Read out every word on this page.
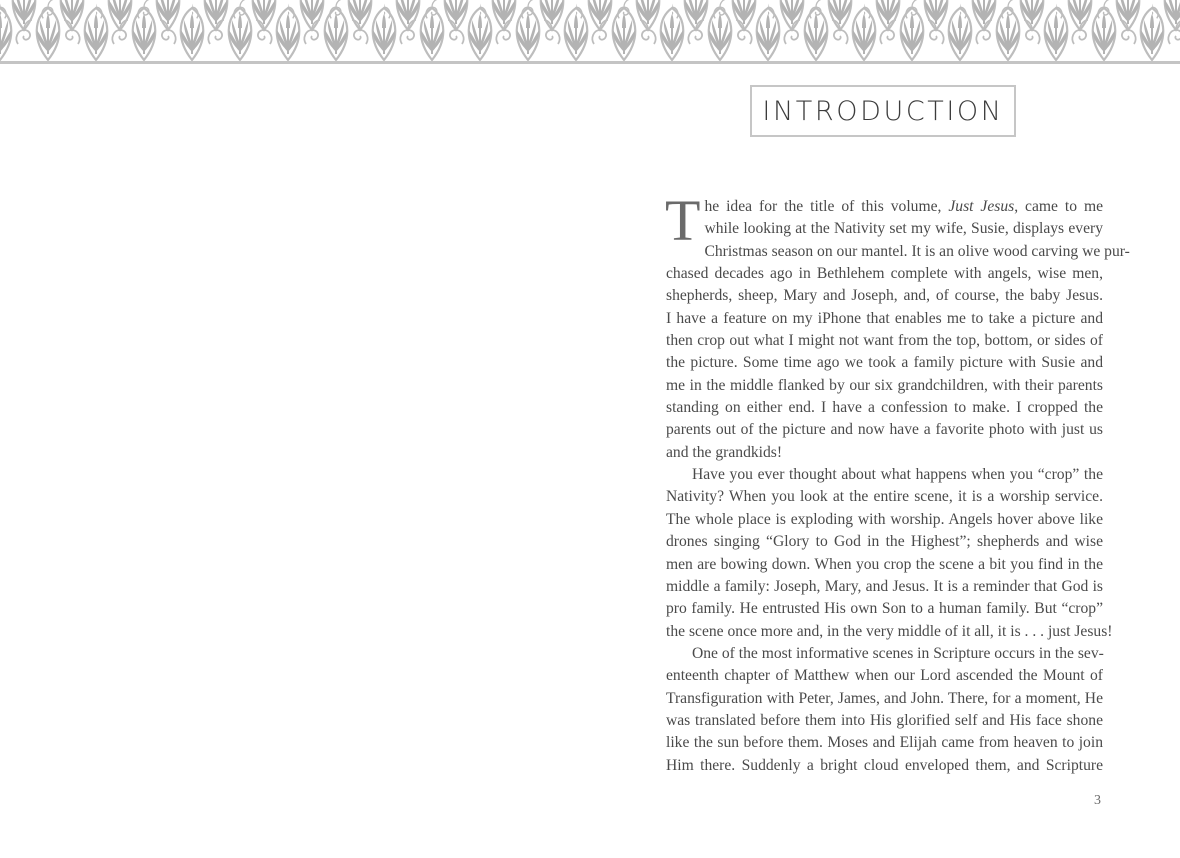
INTRODUCTION
T he idea for the title of this volume, Just Jesus, came to me
while looking at the Nativity set my wife, Susie, displays every
Christmas season on our mantel. It is an olive wood carving we pur-
chased decades ago in Bethlehem complete with angels, wise men,
shepherds, sheep, Mary and Joseph, and, of course, the baby Jesus.
I have a feature on my iPhone that enables me to take a picture and
then crop out what I might not want from the top, bottom, or sides of
the picture. Some time ago we took a family picture with Susie and
me in the middle flanked by our six grandchildren, with their parents
standing on either end. I have a confession to make. I cropped the
parents out of the picture and now have a favorite photo with just us
and the grandkids!
Have you ever thought about what happens when you “crop” the
Nativity? When you look at the entire scene, it is a worship service.
The whole place is exploding with worship. Angels hover above like
drones singing “Glory to God in the Highest”; shepherds and wise
men are bowing down. When you crop the scene a bit you find in the
middle a family: Joseph, Mary, and Jesus. It is a reminder that God is
pro family. He entrusted His own Son to a human family. But “crop”
the scene once more and, in the very middle of it all, it is . . . just Jesus!
One of the most informative scenes in Scripture occurs in the sev-
enteenth chapter of Matthew when our Lord ascended the Mount of
Transfiguration with Peter, James, and John. There, for a moment, He
was translated before them into His glorified self and His face shone
like the sun before them. Moses and Elijah came from heaven to join
Him there. Suddenly a bright cloud enveloped them, and Scripture
3
